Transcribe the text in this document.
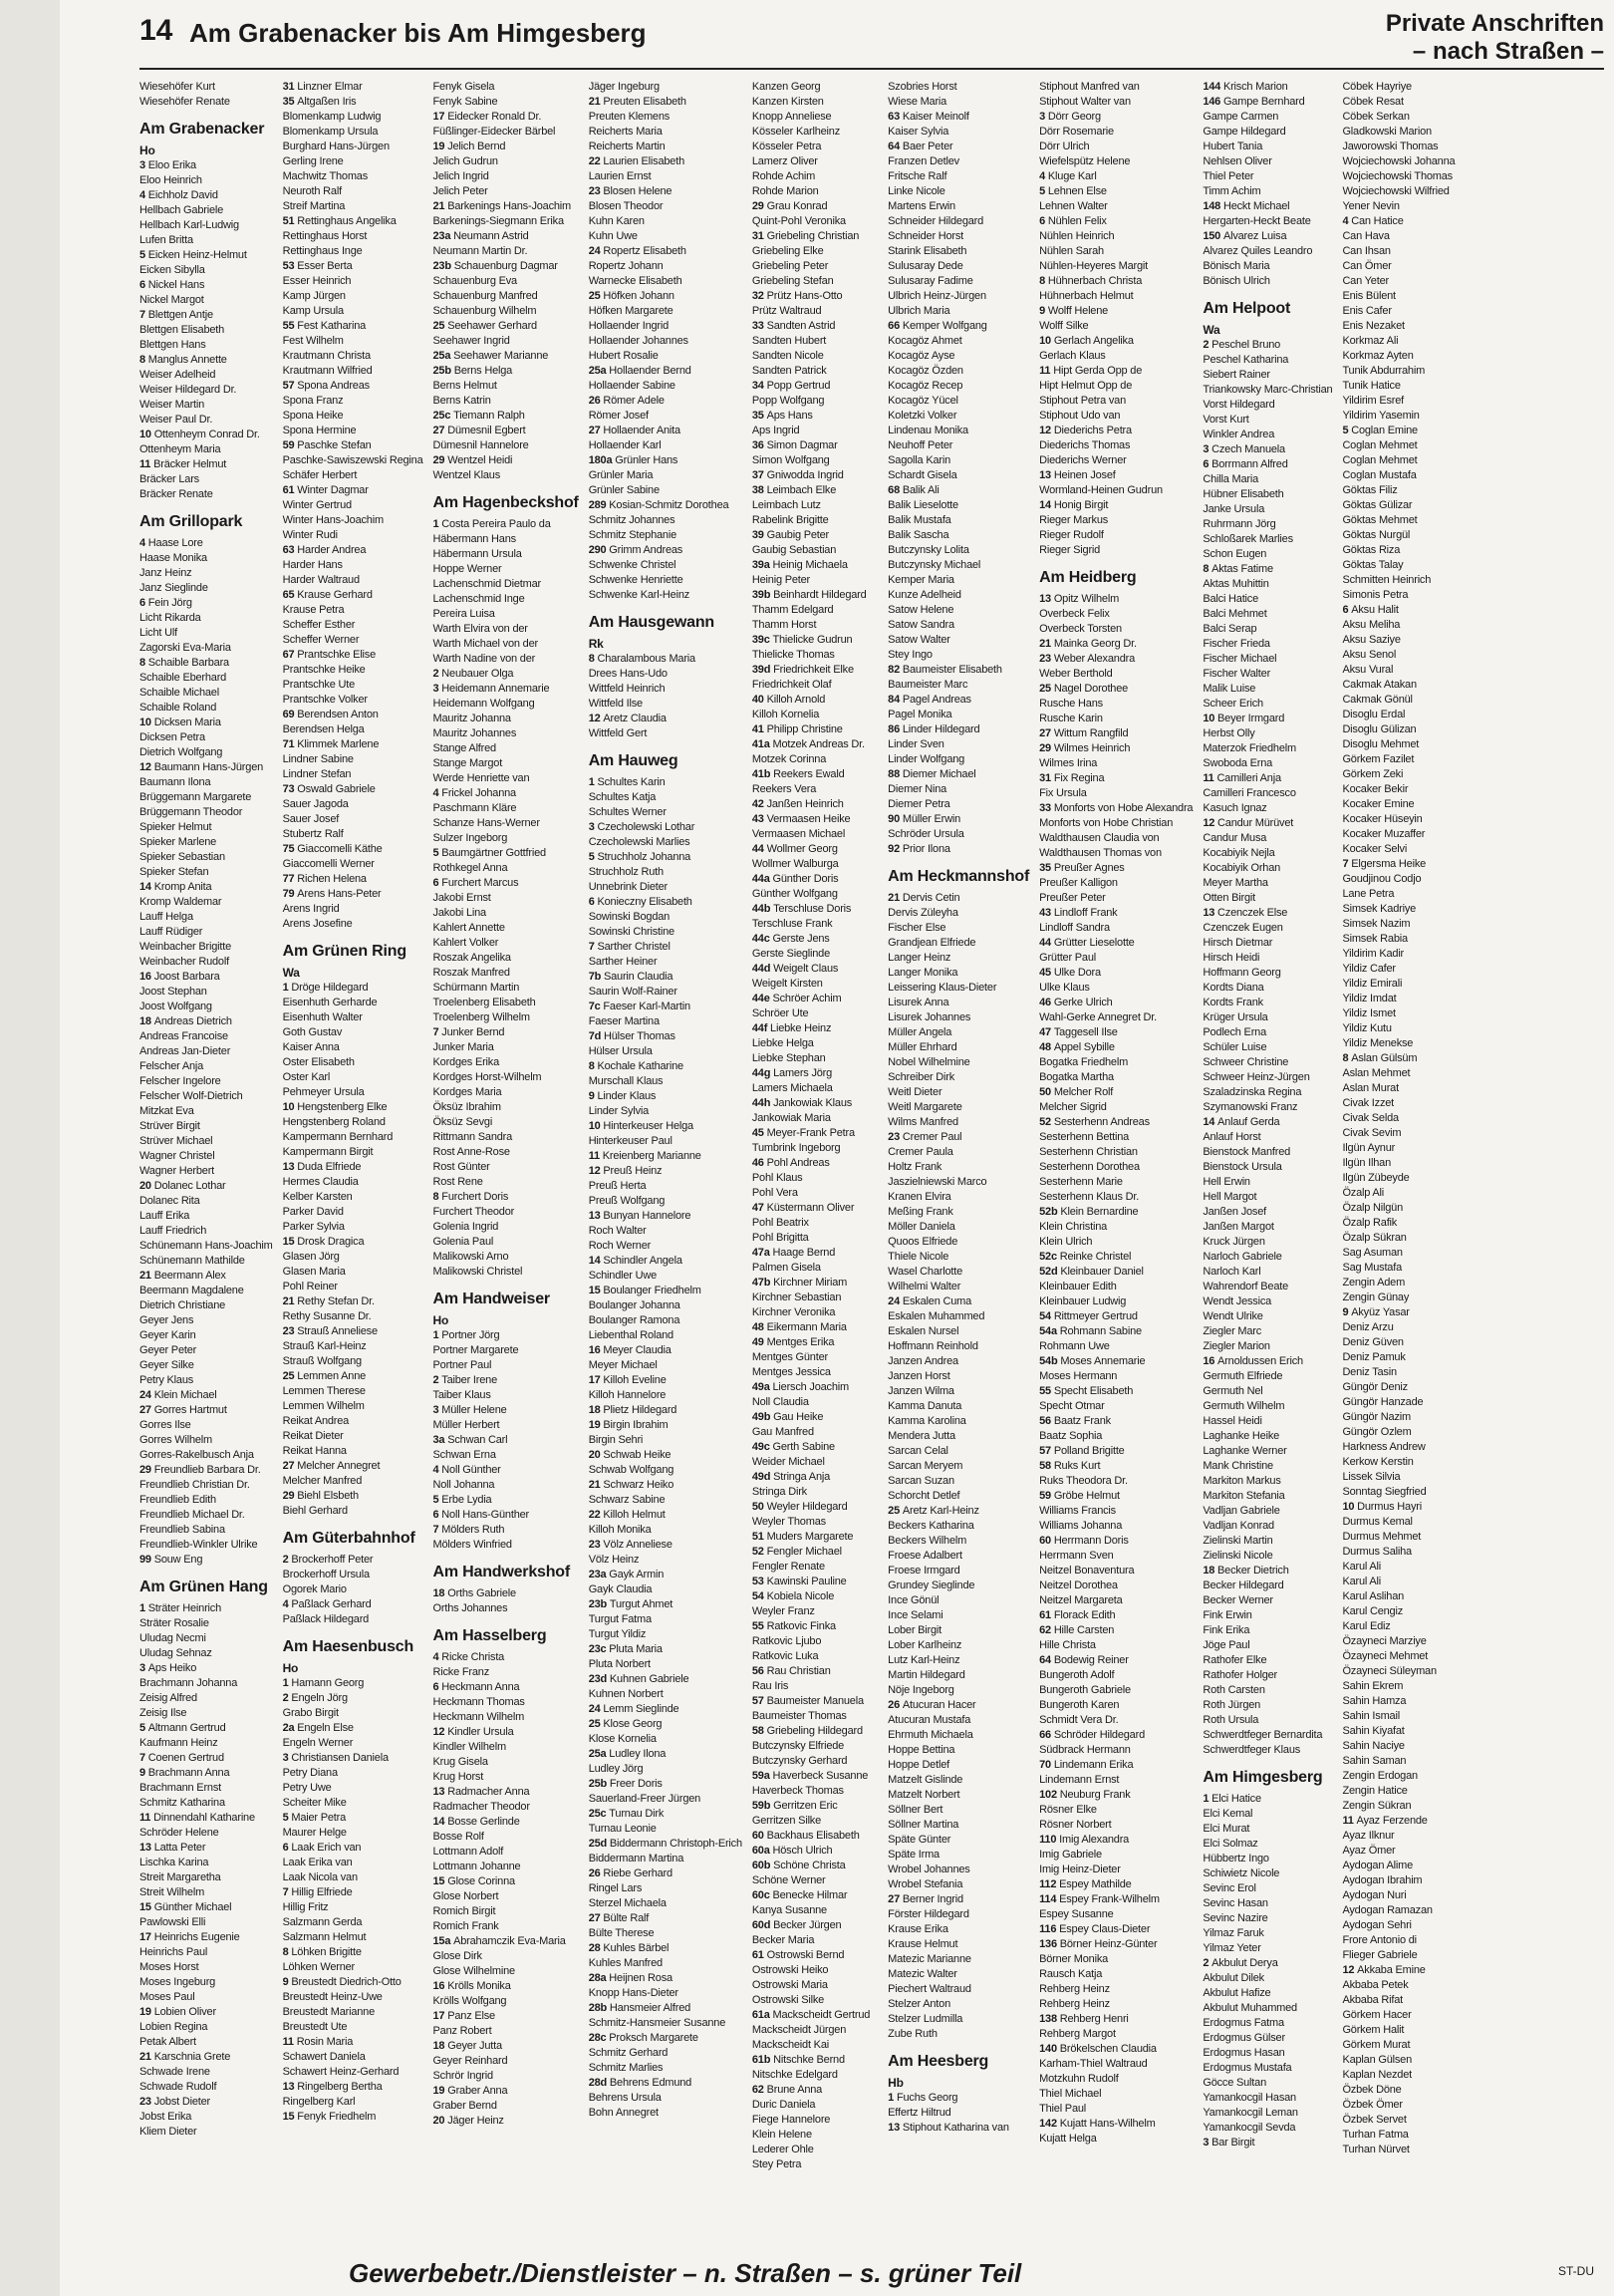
14 Am Grabenacker bis Am Himgesberg	Private Anschriften
– nach Straßen –
Wiesehöfer Kurt
Wiesehöfer Renate
Am Grabenacker
Ho
3 Eloo Erika
Eloo Heinrich
4 Eichholz David
Hellbach Gabriele
Hellbach Karl-Ludwig
Lufen Britta
5 Eicken Heinz-Helmut
Eicken Sibylla
6 Nickel Hans
Nickel Margot
7 Blettgen Antje
Blettgen Elisabeth
Blettgen Hans
8 Manglus Annette
Weiser Adelheid
Weiser Hildegard Dr.
Weiser Martin
Weiser Paul Dr.
10 Ottenheym Conrad Dr.
Ottenheym Maria
11 Bräcker Helmut
Bräcker Lars
Bräcker Renate
Am Grillopark
4 Haase Lore
Haase Monika
Janz Heinz
Janz Sieglinde
6 Fein Jörg
Licht Rikarda
Licht Ulf
Zagorski Eva-Maria
8 Schaible Barbara
Schaible Eberhard
Schaible Michael
Schaible Roland
10 Dicksen Maria
Dicksen Petra
Dietrich Wolfgang
12 Baumann Hans-Jürgen
Baumann Ilona
Brüggemann Margarete
Brüggemann Theodor
Spieker Helmut
Spieker Marlene
Spieker Sebastian
Spieker Stefan
14 Kromp Anita
Kromp Waldemar
Lauff Helga
Lauff Rüdiger
Weinbacher Brigitte
Weinbacher Rudolf
16 Joost Barbara
Joost Stephan
Joost Wolfgang
18 Andreas Dietrich
Andreas Francoise
Andreas Jan-Dieter
Felscher Anja
Felscher Ingelore
Felscher Wolf-Dietrich
Mitzkat Eva
Strüver Birgit
Strüver Michael
Wagner Christel
Wagner Herbert
20 Dolanec Lothar
Dolanec Rita
Lauff Erika
Lauff Friedrich
Schünemann Hans-Joachim
Schünemann Mathilde
21 Beermann Alex
Beermann Magdalene
Dietrich Christiane
Geyer Jens
Geyer Karin
Geyer Peter
Geyer Silke
Petry Klaus
24 Klein Michael
27 Gorres Hartmut
Gorres Ilse
Gorres Wilhelm
Gorres-Rakelbusch Anja
29 Freundlieb Barbara Dr.
Freundlieb Christian Dr.
Freundlieb Edith
Freundlieb Michael Dr.
Freundlieb Sabina
Freundlieb-Winkler Ulrike
99 Souw Eng
Am Grünen Hang
1 Sträter Heinrich
Sträter Rosalie
Uludag Necmi
Uludag Sehnaz
3 Aps Heiko
Brachmann Johanna
Zeisig Alfred
Zeisig Ilse
5 Altmann Gertrud
Kaufmann Heinz
7 Coenen Gertrud
9 Brachmann Anna
Brachmann Ernst
Schmitz Katharina
11 Dinnendahl Katharine
Schröder Helene
13 Latta Peter
Lischka Karina
Streit Margaretha
Streit Wilhelm
15 Günther Michael
Pawlowski Elli
17 Heinrichs Eugenie
Heinrichs Paul
Moses Horst
Moses Ingeburg
Moses Paul
19 Lobien Oliver
Lobien Regina
Petak Albert
21 Karschnia Grete
Schwade Irene
Schwade Rudolf
23 Jobst Dieter
Jobst Erika
Kliem Dieter
31 Linzner Elmar
35 Altgaßen Iris
Blomenkamp Ludwig
Blomenkamp Ursula
Burghard Hans-Jürgen
Gerling Irene
Machwitz Thomas
Neuroth Ralf
Streif Martina
51 Rettinghaus Angelika
Rettinghaus Horst
Rettinghaus Inge
53 Esser Berta
Esser Heinrich
Kamp Jürgen
Kamp Ursula
55 Fest Katharina
Fest Wilhelm
Krautmann Christa
Krautmann Wilfried
57 Spona Andreas
Spona Franz
Spona Heike
Spona Hermine
59 Paschke Stefan
Paschke-Sawiszewski Regina
Schäfer Herbert
61 Winter Dagmar
Winter Gertrud
Winter Hans-Joachim
Winter Rudi
63 Harder Andrea
Harder Hans
Harder Waltraud
65 Krause Gerhard
Krause Petra
Scheffer Esther
Scheffer Werner
67 Prantschke Elise
Prantschke Heike
Prantschke Ute
Prantschke Volker
69 Berendsen Anton
Berendsen Helga
71 Klimmek Marlene
Lindner Sabine
Lindner Stefan
73 Oswald Gabriele
Sauer Jagoda
Sauer Josef
Stubertz Ralf
75 Giaccomelli Käthe
Giaccomelli Werner
77 Richen Helena
79 Arens Hans-Peter
Arens Ingrid
Arens Josefine
Am Grünen Ring
Wa
1 Dröge Hildegard
Eisenhuth Gerharde
Eisenhuth Walter
Goth Gustav
Kaiser Anna
Oster Elisabeth
Oster Karl
Pehmeyer Ursula
10 Hengstenberg Elke
Hengstenberg Roland
Kampermann Bernhard
Kampermann Birgit
13 Duda Elfriede
Hermes Claudia
Kelber Karsten
Parker David
Parker Sylvia
15 Drosk Dragica
Glasen Jörg
Glasen Maria
Pohl Reiner
21 Rethy Stefan Dr.
Rethy Susanne Dr.
23 Strauß Anneliese
Strauß Karl-Heinz
Strauß Wolfgang
25 Lemmen Anne
Lemmen Therese
Lemmen Wilhelm
Reikat Andrea
Reikat Dieter
Reikat Hanna
27 Melcher Annegret
Melcher Manfred
29 Biehl Elsbeth
Biehl Gerhard
Am Güterbahnhof
2 Brockerhoff Peter
Brockerhoff Ursula
Ogorek Mario
4 Paßlack Gerhard
Paßlack Hildegard
Am Haesenbusch
Ho
1 Hamann Georg
2 Engeln Jörg
Grabo Birgit
2a Engeln Else
Engeln Werner
3 Christiansen Daniela
Petry Diana
Petry Uwe
Scheiter Mike
5 Maier Petra
Maurer Helge
6 Laak Erich van
Laak Erika van
Laak Nicola van
7 Hillig Elfriede
Hillig Fritz
Salzmann Gerda
Salzmann Helmut
8 Löhken Brigitte
Löhken Werner
9 Breustedt Diedrich-Otto
Breustedt Heinz-Uwe
Breustedt Marianne
Breustedt Ute
11 Rosin Maria
Schawert Daniela
Schawert Heinz-Gerhard
13 Ringelberg Bertha
Ringelberg Karl
15 Fenyk Friedhelm
Fenyk Gisela
Fenyk Sabine
17 Eidecker Ronald Dr.
Füßlinger-Eidecker Bärbel
19 Jelich Bernd
Jelich Gudrun
Jelich Ingrid
Jelich Peter
21 Barkenings Hans-Joachim
Barkenings-Siegmann Erika
23a Neumann Astrid
Neumann Martin Dr.
23b Schauenburg Dagmar
Schauenburg Eva
Schauenburg Manfred
Schauenburg Wilhelm
25 Seehawer Gerhard
Seehawer Ingrid
25a Seehawer Marianne
25b Berns Helga
Berns Helmut
Berns Katrin
25c Tiemann Ralph
27 Dümesnil Egbert
Dümesnil Hannelore
29 Wentzel Heidi
Wentzel Klaus
Am Hagenbeckshof
1 Costa Pereira Paulo da
Häbermann Hans
Häbermann Ursula
Hoppe Werner
Lachenschmid Dietmar
Lachenschmid Inge
Pereira Luisa
Warth Elvira von der
Warth Michael von der
Warth Nadine von der
2 Neubauer Olga
3 Heidemann Annemarie
Heidemann Wolfgang
Mauritz Johanna
Mauritz Johannes
Stange Alfred
Stange Margot
Werde Henriette van
4 Frickel Johanna
Paschmann Kläre
Schanze Hans-Werner
Sulzer Ingeborg
5 Baumgärtner Gottfried
Rothkegel Anna
6 Furchert Marcus
Jakobi Ernst
Jakobi Lina
Kahlert Annette
Kahlert Volker
Roszak Angelika
Roszak Manfred
Schürmann Martin
Troelenberg Elisabeth
Troelenberg Wilhelm
7 Junker Bernd
Junker Maria
Kordges Erika
Kordges Horst-Wilhelm
Kordges Maria
Öksüz Ibrahim
Öksüz Sevgi
Rittmann Sandra
Rost Anne-Rose
Rost Günter
Rost Rene
8 Furchert Doris
Furchert Theodor
Golenia Ingrid
Golenia Paul
Malikowski Arno
Malikowski Christel
Am Handweiser
Ho
1 Portner Jörg
Portner Margarete
Portner Paul
2 Taiber Irene
Taiber Klaus
3 Müller Helene
Müller Herbert
3a Schwan Carl
Schwan Erna
4 Noll Günther
Noll Johanna
5 Erbe Lydia
6 Noll Hans-Günther
7 Mölders Ruth
Mölders Winfried
Am Handwerkshof
18 Orths Gabriele
Orths Johannes
Am Hasselberg
4 Ricke Christa
Ricke Franz
6 Heckmann Anna
Heckmann Thomas
Heckmann Wilhelm
12 Kindler Ursula
Kindler Wilhelm
Krug Gisela
Krug Horst
13 Radmacher Anna
Radmacher Theodor
14 Bosse Gerlinde
Bosse Rolf
Lottmann Adolf
Lottmann Johanne
15 Glose Corinna
Glose Norbert
Romich Birgit
Romich Frank
15a Abrahamczik Eva-Maria
Glose Dirk
Glose Wilhelmine
16 Krölls Monika
Krölls Wolfgang
17 Panz Else
Panz Robert
18 Geyer Jutta
Geyer Reinhard
Schrör Ingrid
19 Graber Anna
Graber Bernd
20 Jäger Heinz
Jäger Ingeburg
21 Preuten Elisabeth
Preuten Klemens
Reicherts Maria
Reicherts Martin
22 Laurien Elisabeth
Laurien Ernst
23 Blosen Helene
Blosen Theodor
Kuhn Karen
Kuhn Uwe
24 Ropertz Elisabeth
Ropertz Johann
Warnecke Elisabeth
25 Höfken Johann
Höfken Margarete
Hollaender Ingrid
Hollaender Johannes
Hubert Rosalie
25a Hollaender Bernd
Hollaender Sabine
26 Römer Adele
Römer Josef
27 Hollaender Anita
Hollaender Karl
180a Grünler Hans
Grünler Maria
Grünler Sabine
289 Kosian-Schmitz Dorothea
Schmitz Johannes
Schmitz Stephanie
290 Grimm Andreas
Schwenke Christel
Schwenke Henriette
Schwenke Karl-Heinz
Am Hausgewann
Rk
8 Charalambous Maria
Drees Hans-Udo
Wittfeld Heinrich
Wittfeld Ilse
12 Aretz Claudia
Wittfeld Gert
Am Hauweg
1 Schultes Karin
Schultes Katja
Schultes Werner
3 Czecholewski Lothar
Czecholewski Marlies
5 Struchholz Johanna
Struchholz Ruth
Unnebrink Dieter
6 Konieczny Elisabeth
Sowinski Bogdan
Sowinski Christine
7 Sarther Christel
Sarther Heiner
7b Saurin Claudia
Saurin Wolf-Rainer
7c Faeser Karl-Martin
Faeser Martina
7d Hülser Thomas
Hülser Ursula
8 Kochale Katharine
Murschall Klaus
9 Linder Klaus
Linder Sylvia
10 Hinterkeuser Helga
Hinterkeuser Paul
11 Kreienberg Marianne
12 Preuß Heinz
Preuß Herta
Preuß Wolfgang
13 Bunyan Hannelore
Roch Walter
Roch Werner
14 Schindler Angela
Schindler Uwe
15 Boulanger Friedhelm
Boulanger Johanna
Boulanger Ramona
Liebenthal Roland
16 Meyer Claudia
Meyer Michael
17 Killoh Eveline
Killoh Hannelore
18 Plietz Hildegard
19 Birgin Ibrahim
Birgin Sehri
20 Schwab Heike
Schwab Wolfgang
21 Schwarz Heiko
Schwarz Sabine
22 Killoh Helmut
Killoh Monika
23 Völz Anneliese
Völz Heinz
23a Gayk Armin
Gayk Claudia
23b Turgut Ahmet
Turgut Fatma
Turgut Yildiz
23c Pluta Maria
Pluta Norbert
23d Kuhnen Gabriele
Kuhnen Norbert
24 Lemm Sieglinde
25 Klose Georg
Klose Kornelia
25a Ludley Ilona
Ludley Jörg
25b Freer Doris
Sauerland-Freer Jürgen
25c Turnau Dirk
Turnau Leonie
25d Biddermann Christoph-Erich
Biddermann Martina
26 Riebe Gerhard
Ringel Lars
Sterzel Michaela
27 Bülte Ralf
Bülte Therese
28 Kuhles Bärbel
Kuhles Manfred
28a Heijnen Rosa
Knopp Hans-Dieter
28b Hansmeier Alfred
Schmitz-Hansmeier Susanne
28c Proksch Margarete
Schmitz Gerhard
Schmitz Marlies
28d Behrens Edmund
Behrens Ursula
Bohn Annegret
Kanzen Georg
Kanzen Kirsten
Knopp Anneliese
Kösseler Karlheinz
Kösseler Petra
Lamerz Oliver
Rohde Achim
Rohde Marion
29 Grau Konrad
Quint-Pohl Veronika
31 Griebeling Christian
Griebeling Elke
Griebeling Peter
Griebeling Stefan
32 Prütz Hans-Otto
Prütz Waltraud
33 Sandten Astrid
Sandten Hubert
Sandten Nicole
Sandten Patrick
34 Popp Gertrud
Popp Wolfgang
35 Aps Hans
Aps Ingrid
36 Simon Dagmar
Simon Wolfgang
37 Gniwodda Ingrid
38 Leimbach Elke
Leimbach Lutz
Rabelink Brigitte
39 Gaubig Peter
Gaubig Sebastian
39a Heinig Michaela
Heinig Peter
39b Beinhardt Hildegard
Thamm Edelgard
Thamm Horst
39c Thielicke Gudrun
Thielicke Thomas
39d Friedrichkeit Elke
Friedrichkeit Olaf
40 Killoh Arnold
Killoh Kornelia
41 Philipp Christine
41a Motzek Andreas Dr.
Motzek Corinna
41b Reekers Ewald
Reekers Vera
42 Janßen Heinrich
43 Vermaasen Heike
Vermaasen Michael
44 Wollmer Georg
Wollmer Walburga
44a Günther Doris
Günther Wolfgang
44b Terschluse Doris
Terschluse Frank
44c Gerste Jens
Gerste Sieglinde
44d Weigelt Claus
Weigelt Kirsten
44e Schröer Achim
Schröer Ute
44f Liebke Heinz
Liebke Helga
Liebke Stephan
44g Lamers Jörg
Lamers Michaela
44h Jankowiak Klaus
Jankowiak Maria
45 Meyer-Frank Petra
Tumbrink Ingeborg
46 Pohl Andreas
Pohl Klaus
Pohl Vera
47 Küstermann Oliver
Pohl Beatrix
Pohl Brigitta
47a Haage Bernd
Palmen Gisela
47b Kirchner Miriam
Kirchner Sebastian
Kirchner Veronika
48 Eikermann Maria
49 Mentges Erika
Mentges Günter
Mentges Jessica
49a Liersch Joachim
Noll Claudia
49b Gau Heike
Gau Manfred
49c Gerth Sabine
Weider Michael
49d Stringa Anja
Stringa Dirk
50 Weyler Hildegard
Weyler Thomas
51 Muders Margarete
52 Fengler Michael
Fengler Renate
53 Kawinski Pauline
54 Kobiela Nicole
Weyler Franz
55 Ratkovic Finka
Ratkovic Ljubo
Ratkovic Luka
56 Rau Christian
Rau Iris
57 Baumeister Manuela
Baumeister Thomas
58 Griebeling Hildegard
Butczynsky Elfriede
Butczynsky Gerhard
59a Haverbeck Susanne
Haverbeck Thomas
59b Gerritzen Eric
Gerritzen Silke
60 Backhaus Elisabeth
60a Hösch Ulrich
60b Schöne Christa
Schöne Werner
60c Benecke Hilmar
Kanya Susanne
60d Becker Jürgen
Becker Maria
61 Ostrowski Bernd
Ostrowski Heiko
Ostrowski Maria
Ostrowski Silke
61a Mackscheidt Gertrud
Mackscheidt Jürgen
Mackscheidt Kai
61b Nitschke Bernd
Nitschke Edelgard
62 Brune Anna
Duric Daniela
Fiege Hannelore
Klein Helene
Lederer Ohle
Stey Petra
Szobries Horst
Wiese Maria
63 Kaiser Meinolf
Kaiser Sylvia
64 Baer Peter
Franzen Detlev
Fritsche Ralf
Linke Nicole
Martens Erwin
Schneider Hildegard
Schneider Horst
Starink Elisabeth
Sulusaray Dede
Sulusaray Fadime
Ulbrich Heinz-Jürgen
Ulbrich Maria
66 Kemper Wolfgang
Kocagöz Ahmet
Kocagöz Ayse
Kocagöz Özden
Kocagöz Recep
Kocagöz Yücel
Koletzki Volker
Lindenau Monika
Neuhoff Peter
Sagolla Karin
Schardt Gisela
68 Balik Ali
Balik Lieselotte
Balik Mustafa
Balik Sascha
Butczynsky Lolita
Butczynsky Michael
Kemper Maria
Kunze Adelheid
Satow Helene
Satow Sandra
Satow Walter
Stey Ingo
82 Baumeister Elisabeth
Baumeister Marc
84 Pagel Andreas
Pagel Monika
86 Linder Hildegard
Linder Sven
Linder Wolfgang
88 Diemer Michael
Diemer Nina
Diemer Petra
90 Müller Erwin
Schröder Ursula
92 Prior Ilona
Am Heckmannshof
21 Dervis Cetin
Dervis Züleyha
Fischer Else
Grandjean Elfriede
Langer Heinz
Langer Monika
Leissering Klaus-Dieter
Lisurek Anna
Lisurek Johannes
Müller Angela
Müller Ehrhard
Nobel Wilhelmine
Schreiber Dirk
Weitl Dieter
Weitl Margarete
Wilms Manfred
23 Cremer Paul
Cremer Paula
Holtz Frank
Jaszielniewski Marco
Kranen Elvira
Meßing Frank
Möller Daniela
Quoos Elfriede
Thiele Nicole
Wasel Charlotte
Wilhelmi Walter
24 Eskalen Cuma
Eskalen Muhammed
Eskalen Nursel
Hoffmann Reinhold
Janzen Andrea
Janzen Horst
Janzen Wilma
Kamma Danuta
Kamma Karolina
Mendera Jutta
Sarcan Celal
Sarcan Meryem
Sarcan Suzan
Schorcht Detlef
25 Aretz Karl-Heinz
Beckers Katharina
Beckers Wilhelm
Froese Adalbert
Froese Irmgard
Grundey Sieglinde
Ince Gönül
Ince Selami
Lober Birgit
Lober Karlheinz
Lutz Karl-Heinz
Martin Hildegard
Nöje Ingeborg
26 Atucuran Hacer
Atucuran Mustafa
Ehrmuth Michaela
Hoppe Bettina
Hoppe Detlef
Matzelt Gislinde
Matzelt Norbert
Söllner Bert
Söllner Martina
Späte Günter
Späte Irma
Wrobel Johannes
Wrobel Stefania
27 Berner Ingrid
Förster Hildegard
Krause Erika
Krause Helmut
Matezic Marianne
Matezic Walter
Piechert Waltraud
Stelzer Anton
Stelzer Ludmilla
Zube Ruth
Am Heesberg
Hb
1 Fuchs Georg
Effertz Hiltrud
13 Stiphout Katharina van
Stiphout Manfred van
Stiphout Walter van
3 Dörr Georg
Dörr Rosemarie
Dörr Ulrich
Wiefelspütz Helene
4 Kluge Karl
5 Lehnen Else
Lehnen Walter
6 Nühlen Felix
Nühlen Heinrich
Nühlen Sarah
Nühlen-Heyeres Margit
8 Hühnerbach Christa
Hühnerbach Helmut
9 Wolff Helene
Wolff Silke
10 Gerlach Angelika
Gerlach Klaus
11 Hipt Gerda Opp de
Hipt Helmut Opp de
Stiphout Petra van
Stiphout Udo van
12 Diederichs Petra
Diederichs Thomas
Diederichs Werner
13 Heinen Josef
Wormland-Heinen Gudrun
14 Honig Birgit
Rieger Markus
Rieger Rudolf
Rieger Sigrid
Am Heidberg
13 Opitz Wilhelm
Overbeck Felix
Overbeck Torsten
21 Mainka Georg Dr.
23 Weber Alexandra
Weber Berthold
25 Nagel Dorothee
Rusche Hans
Rusche Karin
27 Wittum Rangfild
29 Wilmes Heinrich
Wilmes Irina
31 Fix Regina
Fix Ursula
33 Monforts von Hobe Alexandra
Monforts von Hobe Christian
Waldthausen Claudia von
Waldthausen Thomas von
35 Preußer Agnes
Preußer Kalligon
Preußer Peter
43 Lindloff Frank
Lindloff Sandra
44 Grütter Lieselotte
Grütter Paul
45 Ulke Dora
Ulke Klaus
46 Gerke Ulrich
Wahl-Gerke Annegret Dr.
47 Taggesell Ilse
48 Appel Sybille
Bogatka Friedhelm
Bogatka Martha
50 Melcher Rolf
Melcher Sigrid
52 Sesterhenn Andreas
Sesterhenn Bettina
Sesterhenn Christian
Sesterhenn Dorothea
Sesterhenn Marie
Sesterhenn Klaus Dr.
52b Klein Bernardine
Klein Christina
Klein Ulrich
52c Reinke Christel
52d Kleinbauer Daniel
Kleinbauer Edith
Kleinbauer Ludwig
54 Rittmeyer Gertrud
54a Rohmann Sabine
Rohmann Uwe
54b Moses Annemarie
Moses Hermann
55 Specht Elisabeth
Specht Otmar
56 Baatz Frank
Baatz Sophia
57 Polland Brigitte
58 Ruks Kurt
Ruks Theodora Dr.
59 Gröbe Helmut
Williams Francis
Williams Johanna
60 Herrmann Doris
Herrmann Sven
Neitzel Bonaventura
Neitzel Dorothea
Neitzel Margareta
61 Florack Edith
62 Hille Carsten
Hille Christa
64 Bodewig Reiner
Bungeroth Adolf
Bungeroth Gabriele
Bungeroth Karen
Schmidt Vera Dr.
66 Schröder Hildegard
Südbrack Hermann
70 Lindemann Erika
Lindemann Ernst
102 Neuburg Frank
Rösner Elke
Rösner Norbert
110 Imig Alexandra
Imig Gabriele
Imig Heinz-Dieter
112 Espey Mathilde
114 Espey Frank-Wilhelm
Espey Susanne
116 Espey Claus-Dieter
136 Börner Heinz-Günter
Börner Monika
Rausch Katja
Rehberg Heinz
Rehberg Heinz
138 Rehberg Henri
Rehberg Margot
140 Brökelschen Claudia
Karham-Thiel Waltraud
Motzkuhn Rudolf
Thiel Michael
Thiel Paul
142 Kujatt Hans-Wilhelm
Kujatt Helga
144 Krisch Marion
146 Gampe Bernhard
Gampe Carmen
Gampe Hildegard
Hubert Tania
Nehlsen Oliver
Thiel Peter
Timm Achim
148 Heckt Michael
Hergarten-Heckt Beate
150 Alvarez Luisa
Alvarez Quiles Leandro
Bönisch Maria
Bönisch Ulrich
Am Helpoot
Wa
2 Peschel Bruno
Peschel Katharina
Siebert Rainer
Triankowsky Marc-Christian
Vorst Hildegard
Vorst Kurt
Winkler Andrea
3 Czech Manuela
6 Borrmann Alfred
Chilla Maria
Hübner Elisabeth
Janke Ursula
Ruhrmann Jörg
Schloßarek Marlies
Schon Eugen
8 Aktas Fatime
Aktas Muhittin
Balci Hatice
Balci Mehmet
Balci Serap
Fischer Frieda
Fischer Michael
Fischer Walter
Malik Luise
Scheer Erich
10 Beyer Irmgard
Herbst Olly
Materzok Friedhelm
Swoboda Erna
11 Camilleri Anja
Camilleri Francesco
Kasuch Ignaz
12 Candur Mürüvet
Candur Musa
Kocabiyik Nejla
Kocabiyik Orhan
Meyer Martha
Otten Birgit
13 Czenczek Else
Czenczek Eugen
Hirsch Dietmar
Hirsch Heidi
Hoffmann Georg
Kordts Diana
Kordts Frank
Krüger Ursula
Podlech Erna
Schüler Luise
Schweer Christine
Schweer Heinz-Jürgen
Szaladzinska Regina
Szymanowski Franz
14 Anlauf Gerda
Anlauf Horst
Bienstock Manfred
Bienstock Ursula
Hell Erwin
Hell Margot
Janßen Josef
Janßen Margot
Kruck Jürgen
Narloch Gabriele
Narloch Karl
Wahrendorf Beate
Wendt Jessica
Wendt Ulrike
Ziegler Marc
Ziegler Marion
16 Arnoldussen Erich
Germuth Elfriede
Germuth Nel
Germuth Wilhelm
Hassel Heidi
Laghanke Heike
Laghanke Werner
Mank Christine
Markiton Markus
Markiton Stefania
Vadljan Gabriele
Vadljan Konrad
Zielinski Martin
Zielinski Nicole
18 Becker Dietrich
Becker Hildegard
Becker Werner
Fink Erwin
Fink Erika
Jöge Paul
Rathofer Elke
Rathofer Holger
Roth Carsten
Roth Jürgen
Roth Ursula
Schwerdtfeger Bernardita
Schwerdtfeger Klaus
Am Himgesberg
1 Elci Hatice
Elci Kemal
Elci Murat
Elci Solmaz
Hübbertz Ingo
Schiwietz Nicole
Sevinc Erol
Sevinc Hasan
Sevinc Nazire
Yilmaz Faruk
Yilmaz Yeter
2 Akbulut Derya
Akbulut Dilek
Akbulut Hafize
Akbulut Muhammed
Erdogmus Fatma
Erdogmus Gülser
Erdogmus Hasan
Erdogmus Mustafa
Göcce Sultan
Yamankocgil Hasan
Yamankocgil Leman
Yamankocgil Sevda
3 Bar Birgit
Cöbek Hayriye
Cöbek Resat
Cöbek Serkan
Gladkowski Marion
Jaworowski Thomas
Wojciechowski Johanna
Wojciechowski Thomas
Wojciechowski Wilfried
Yener Nevin
4 Can Hatice
Can Hava
Can Ihsan
Can Ömer
Can Yeter
Enis Bülent
Enis Cafer
Enis Nezaket
Korkmaz Ali
Korkmaz Ayten
Tunik Abdurrahim
Tunik Hatice
Yildirim Esref
Yildirim Yasemin
5 Coglan Emine
Coglan Mehmet
Coglan Mehmet
Coglan Mustafa
Göktas Filiz
Göktas Gülizar
Göktas Mehmet
Göktas Nurgül
Göktas Riza
Göktas Talay
Schmitten Heinrich
Simonis Petra
6 Aksu Halit
Aksu Meliha
Aksu Saziye
Aksu Senol
Aksu Vural
Cakmak Atakan
Cakmak Gönül
Disoglu Erdal
Disoglu Gülizan
Disoglu Mehmet
Görkem Fazilet
Görkem Zeki
Kocaker Bekir
Kocaker Emine
Kocaker Hüseyin
Kocaker Muzaffer
Kocaker Selvi
7 Elgersma Heike
Goudjinou Codjo
Lane Petra
Simsek Kadriye
Simsek Nazim
Simsek Rabia
Yildirim Kadir
Yildiz Cafer
Yildiz Emirali
Yildiz Imdat
Yildiz Ismet
Yildiz Kutu
Yildiz Menekse
8 Aslan Gülsüm
Aslan Mehmet
Aslan Murat
Civak Izzet
Civak Selda
Civak Sevim
Ilgün Aynur
Ilgün Ilhan
Ilgün Zübeyde
Özalp Ali
Özalp Nilgün
Özalp Rafik
Özalp Sükran
Sag Asuman
Sag Mustafa
Zengin Adem
Zengin Günay
9 Akyüz Yasar
Deniz Arzu
Deniz Güven
Deniz Pamuk
Deniz Tasin
Güngör Deniz
Güngör Hanzade
Güngör Nazim
Güngör Ozlem
Harkness Andrew
Kerkow Kerstin
Lissek Silvia
Sonntag Siegfried
10 Durmus Hayri
Durmus Kemal
Durmus Mehmet
Durmus Saliha
Karul Ali
Karul Ali
Karul Aslihan
Karul Cengiz
Karul Ediz
Özayneci Marziye
Özayneci Mehmet
Özayneci Süleyman
Sahin Ekrem
Sahin Hamza
Sahin Ismail
Sahin Kiyafat
Sahin Naciye
Sahin Saman
Zengin Erdogan
Zengin Hatice
Zengin Sükran
11 Ayaz Ferzende
Ayaz Ilknur
Ayaz Ömer
Aydogan Alime
Aydogan Ibrahim
Aydogan Nuri
Aydogan Ramazan
Aydogan Sehri
Frore Antonio di
Flieger Gabriele
12 Akkaba Emine
Akbaba Petek
Akbaba Rifat
Görkem Hacer
Görkem Halit
Görkem Murat
Kaplan Gülsen
Kaplan Nezdet
Özbek Döne
Özbek Ömer
Özbek Servet
Turhan Fatma
Turhan Nürvet
Gewerbebetr./Dienstleister – n. Straßen – s. grüner Teil	ST-DU
